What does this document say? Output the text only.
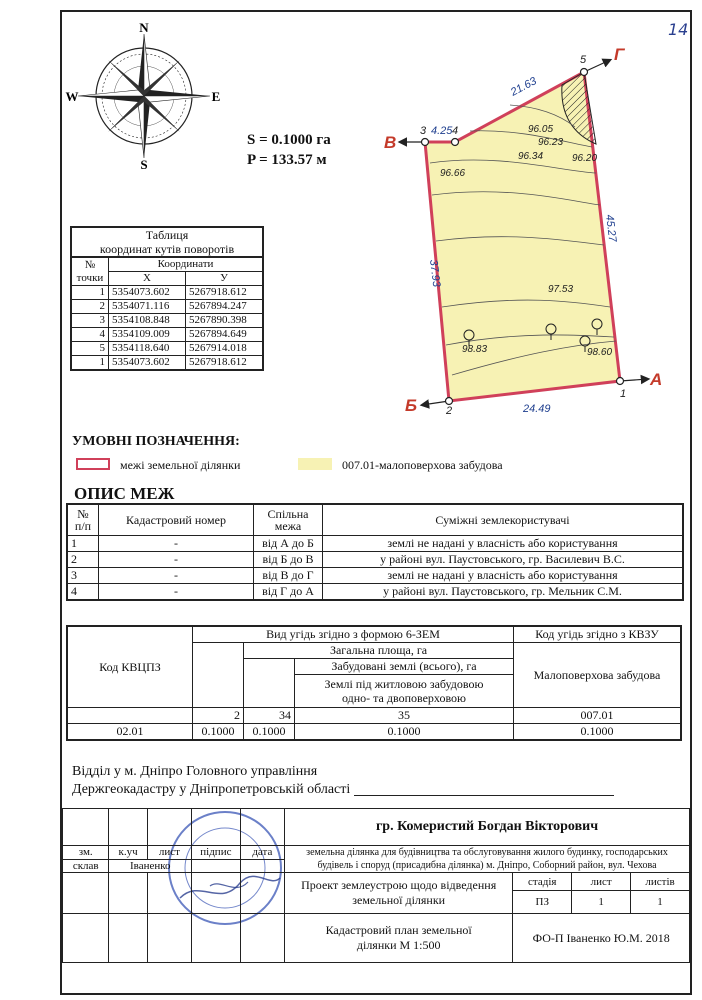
14
N
S
W	E
S = 0.1000 га
P = 133.57 м
21.63
4.25
45.27
37.93
24.49
96.05
96.23
96.34	96.20
96.66
97.53
98.83	98.60
1
2
3 4
5
А
Б
В
Г
Таблиця
координат кутів поворотів		

№
точки	Координати	
	X	У
1	5354073.602	5267918.612
2	5354071.116	5267894.247
3	5354108.848	5267890.398
4	5354109.009	5267894.649
5	5354118.640	5267914.018
1	5354073.602	5267918.612
УМОВНІ ПОЗНАЧЕННЯ:
межі земельної ділянки	007.01-малоповерхова забудова
ОПИС МЕЖ
№ п/п	Кадастровий номер	Спільна межа	Суміжні землекористувачі
1	-	від А до Б	землі не надані у власність або користування
2	-	від Б до В	у районі вул. Паустовського, гр. Василевич В.С.
3	-	від В до Г	землі не надані у власність або користування
4	-	від Г до А	у районі вул. Паустовського, гр. Мельник С.М.
Код КВЦПЗ	Вид угідь згідно з формою 6-ЗЕМ			Код угідь згідно з КВЗУ
		Загальна площа, га		Малоповерхова забудова
			Забудовані землі (всього), га	
			Землі під житловою забудовою одно- та двоповерховою	
	2	34	35	007.01
02.01	0.1000	0.1000	0.1000	0.1000
Відділ у м. Дніпро Головного управління
Держгеокадастру у Дніпропетровській області
					гр. Комеристий Богдан Вікторович			
зм.	к.уч	лист	підпис	дата	земельна ділянка для будівництва та обслуговування жилого будинку, господарських будівель і споруд (присадибна ділянка) м. Дніпро, Соборний район, вул. Чехова			
склав	Іваненко							
					Проект землеустрою щодо відведення земельної ділянки	стадія	лист	листів
						ПЗ	1	1
					Кадастровий план земельної ділянки М 1:500	ФО-П Іваненко Ю.М. 2018		
